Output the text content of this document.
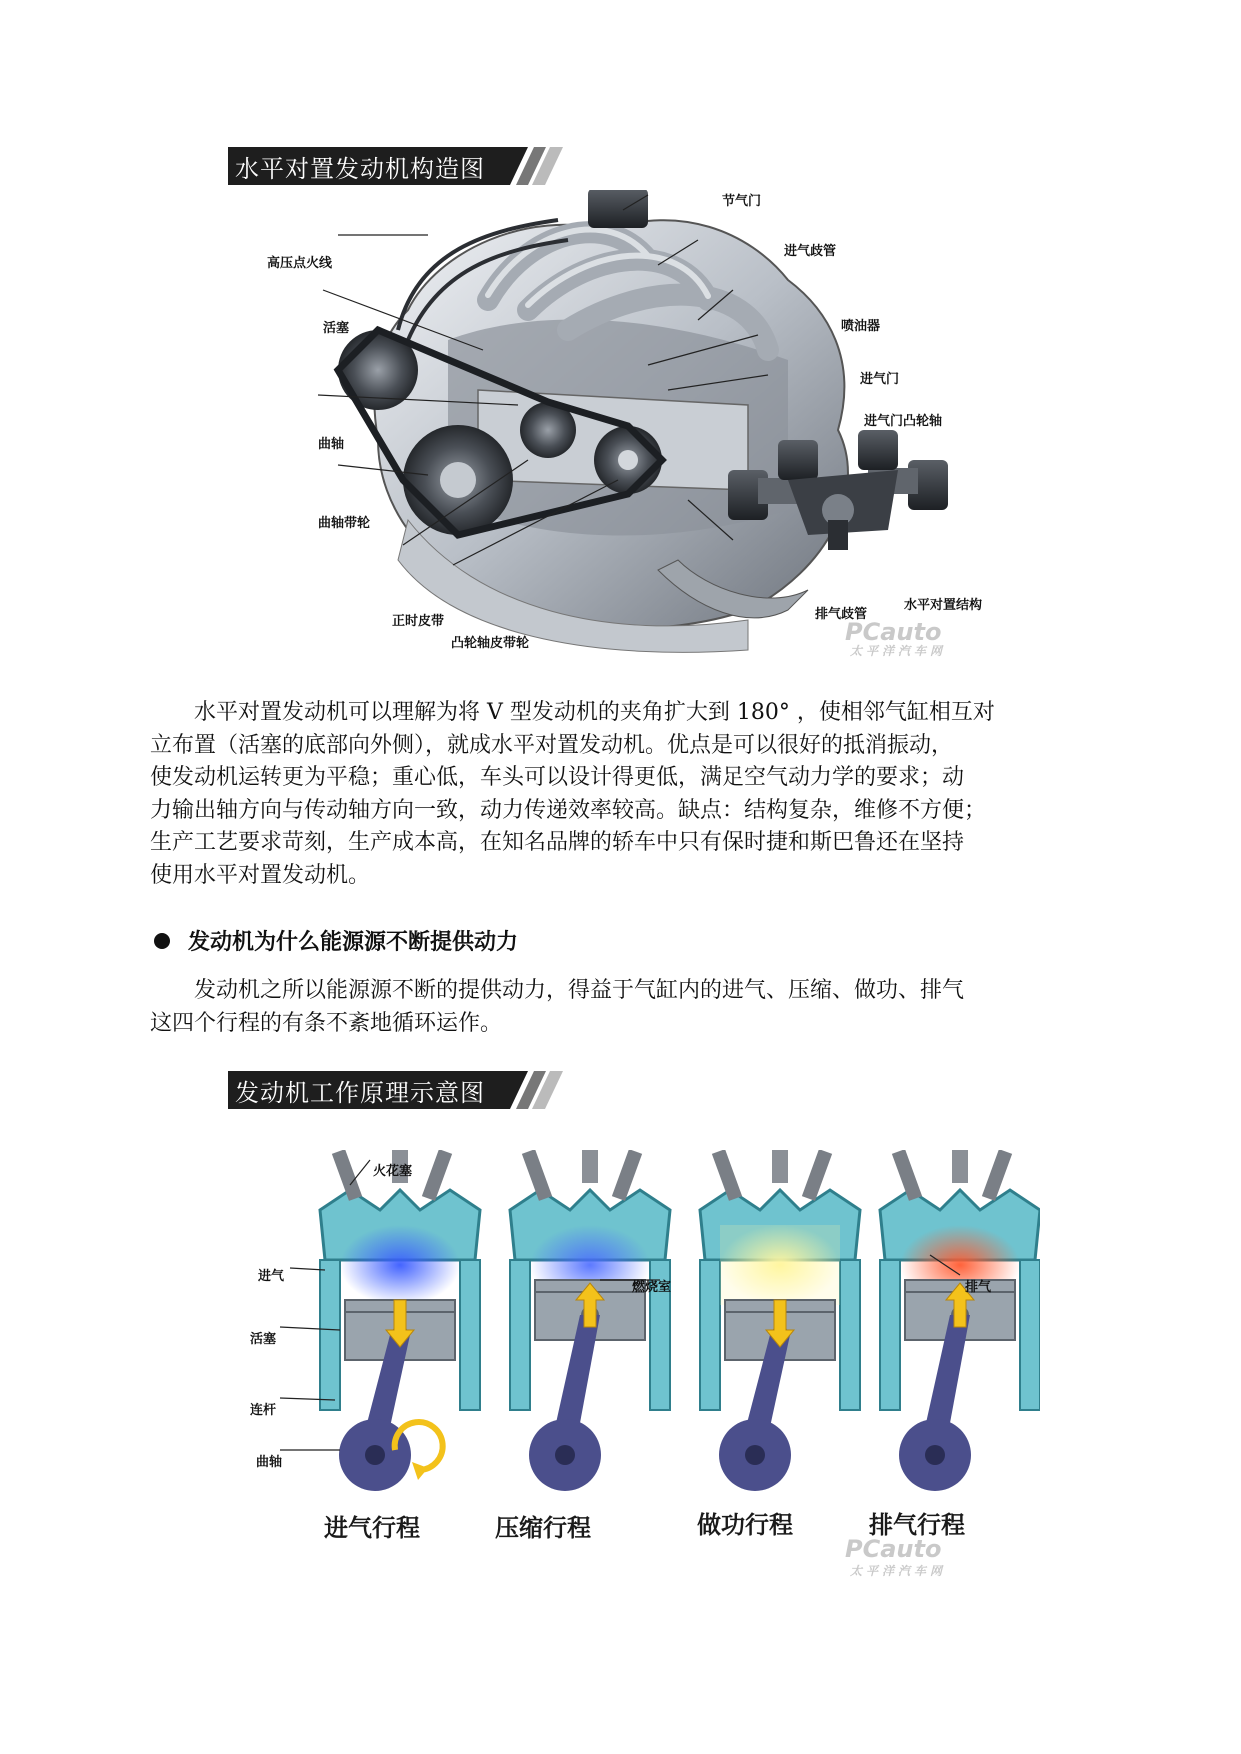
水平对置发动机构造图
节气门
进气歧管
高压点火线
喷油器
活塞
进气门
进气门凸轮轴
曲轴
曲轴带轮
正时皮带
凸轮轴皮带轮
排气歧管
水平对置结构
PCauto
太平洋汽车网
水平对置发动机可以理解为将 V 型发动机的夹角扩大到 180° ，使相邻气缸相互对
立布置（活塞的底部向外侧），就成水平对置发动机。优点是可以很好的抵消振动，
使发动机运转更为平稳；重心低，车头可以设计得更低，满足空气动力学的要求；动
力输出轴方向与传动轴方向一致，动力传递效率较高。缺点：结构复杂，维修不方便；
生产工艺要求苛刻，生产成本高，在知名品牌的轿车中只有保时捷和斯巴鲁还在坚持
使用水平对置发动机。
发动机为什么能源源不断提供动力
发动机之所以能源源不断的提供动力，得益于气缸内的进气、压缩、做功、排气
这四个行程的有条不紊地循环运作。
发动机工作原理示意图
火花塞
进气
活塞
连杆
曲轴
燃烧室	排气
进气行程	压缩行程	做功行程	排气行程
PCauto
太平洋汽车网
